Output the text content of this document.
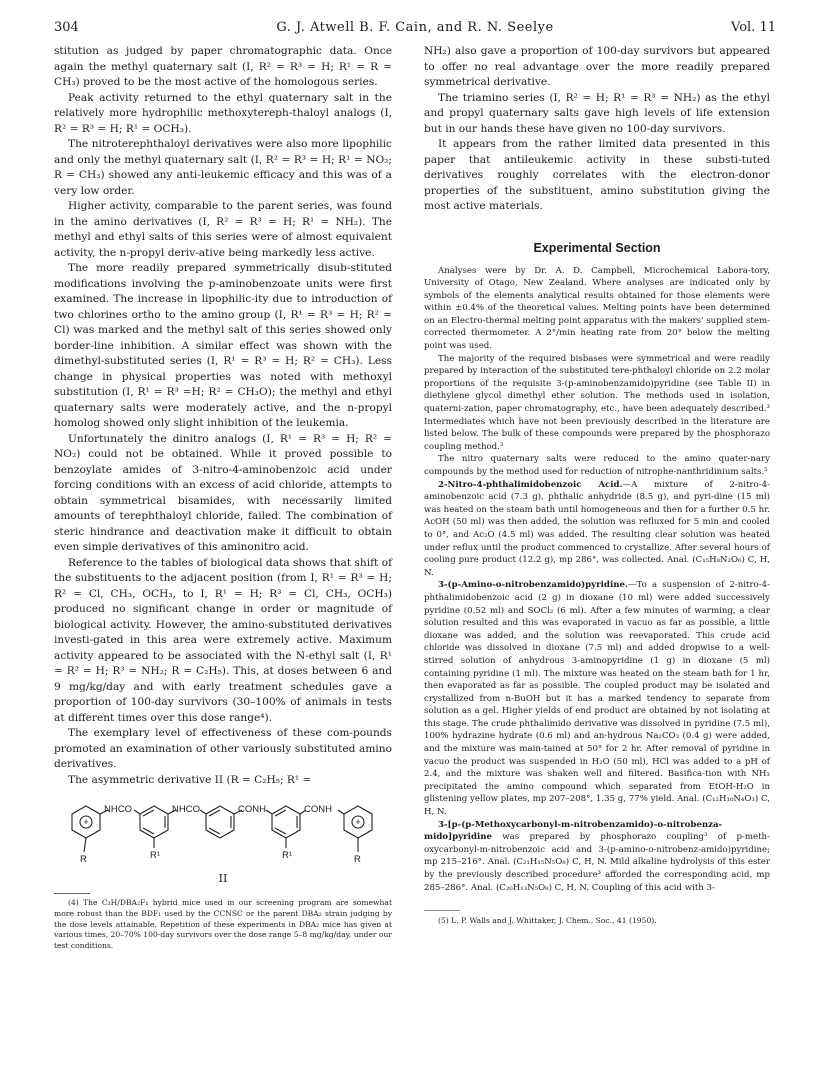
304	G. J. Atwell B. F. Cain, and R. N. Seelye	Vol. 11

stitution as judged by paper chromatographic data. Once again the methyl quaternary salt (I, R² = R³ = H; R¹ = R = CH₃) proved to be the most active of the homologous series.

Peak activity returned to the ethyl quaternary salt in the relatively more hydrophilic methoxytereph-thaloyl analogs (I, R² = R³ = H; R¹ = OCH₃).

The nitroterephthaloyl derivatives were also more lipophilic and only the methyl quaternary salt (I, R² = R³ = H; R¹ = NO₂; R = CH₃) showed any anti-leukemic efficacy and this was of a very low order.

Higher activity, comparable to the parent series, was found in the amino derivatives (I, R² = R³ = H; R¹ = NH₂). The methyl and ethyl salts of this series were of almost equivalent activity, the n-propyl deriv-ative being markedly less active.

The more readily prepared symmetrically disub-stituted modifications involving the p-aminobenzoate units were first examined. The increase in lipophilic-ity due to introduction of two chlorines ortho to the amino group (I, R¹ = R³ = H; R² = Cl) was marked and the methyl salt of this series showed only border-line inhibition. A similar effect was shown with the dimethyl-substituted series (I, R¹ = R³ = H; R² = CH₃). Less change in physical properties was noted with methoxyl substitution (I, R¹ = R³ =H; R² = CH₃O); the methyl and ethyl quaternary salts were moderately active, and the n-propyl homolog showed only slight inhibition of the leukemia.

Unfortunately the dinitro analogs (I, R¹ = R³ = H; R² = NO₂) could not be obtained. While it proved possible to benzoylate amides of 3-nitro-4-aminobenzoic acid under forcing conditions with an excess of acid chloride, attempts to obtain symmetrical bisamides, with necessarily limited amounts of terephthaloyl chloride, failed. The combination of steric hindrance and deactivation make it difficult to obtain even simple derivatives of this aminonitro acid.

Reference to the tables of biological data shows that shift of the substituents to the adjacent position (from I, R¹ = R³ = H; R² = Cl, CH₃, OCH₃, to I, R¹ = H; R³ = Cl, CH₃, OCH₃) produced no significant change in order or magnitude of biological activity. However, the amino-substituted derivatives investi-gated in this area were extremely active. Maximum activity appeared to be associated with the N-ethyl salt (I, R¹ = R² = H; R³ = NH₂; R = C₂H₅). This, at doses between 6 and 9 mg/kg/day and with early treatment schedules gave a proportion of 100-day survivors (30–100% of animals in tests at different times over this dose range⁴).

The exemplary level of effectiveness of these com-pounds promoted an examination of other variously substituted amino derivatives.

The asymmetric derivative II (R = C₂H₅; R¹ =

+	+
NHCO	NHCO	CONH	CONH
R	R¹	R¹	R
II

(4) The C₃H/DBA₂F₁ hybrid mice used in our screening program are somewhat more robust than the BDF₁ used by the CCNSC or the parent DBA₂ strain judging by the dose levels attainable. Repetition of these experiments in DBA₂ mice has given at various times, 20–70% 100-day survivors over the dose range 5–8 mg/kg/day, under our test conditions.

NH₂) also gave a proportion of 100-day survivors but appeared to offer no real advantage over the more readily prepared symmetrical derivative.

The triamino series (I, R² = H; R¹ = R³ = NH₂) as the ethyl and propyl quaternary salts gave high levels of life extension but in our hands these have given no 100-day survivors.

It appears from the rather limited data presented in this paper that antileukemic activity in these substi-tuted derivatives roughly correlates with the electron-donor properties of the substituent, amino substitution giving the most active materials.

Experimental Section

Analyses were by Dr. A. D. Campbell, Microchemical Labora-tory, University of Otago, New Zealand. Where analyses are indicated only by symbols of the elements analytical results obtained for those elements were within ±0.4% of the theoretical values. Melting points have been determined on an Electro-thermal melting point apparatus with the makers' supplied stem-corrected thermometer. A 2°/min heating rate from 20° below the melting point was used.

The majority of the required bisbases were symmetrical and were readily prepared by interaction of the substituted tere-phthaloyl chloride on 2.2 molar proportions of the requisite 3-(p-aminobenzamido)pyridine (see Table II) in diethylene glycol dimethyl ether solution. The methods used in isolation, quaterni-zation, paper chromatography, etc., have been adequately described.³ Intermediates which have not been previously described in the literature are listed below. The bulk of these compounds were prepared by the phosphorazo coupling method.³

The nitro quaternary salts were reduced to the amino quater-nary compounds by the method used for reduction of nitrophe-nanthridinium salts.⁵

2-Nitro-4-phthalimidobenzoic Acid.—A mixture of 2-nitro-4-aminobenzoic acid (7.3 g), phthalic anhydride (8.5 g), and pyri-dine (15 ml) was heated on the steam bath until homogeneous and then for a further 0.5 hr. AcOH (50 ml) was then added, the solution was refluxed for 5 min and cooled to 0°, and Ac₂O (4.5 ml) was added. The resulting clear solution was heated under reflux until the product commenced to crystallize. After several hours of cooling pure product (12.2 g), mp 286°, was collected. Anal. (C₁₅H₈N₂O₆) C, H, N.

3-(p-Amino-o-nitrobenzamido)pyridine.—To a suspension of 2-nitro-4-phthalimidobenzoic acid (2 g) in dioxane (10 ml) were added successively pyridine (0.52 ml) and SOCl₂ (6 ml). After a few minutes of warming, a clear solution resulted and this was evaporated in vacuo as far as possible, a little dioxane was added, and the solution was reevaporated. This crude acid chloride was dissolved in dioxane (7.5 ml) and added dropwise to a well-stirred solution of anhydrous 3-aminopyridine (1 g) in dioxane (5 ml) containing pyridine (1 ml). The mixture was heated on the steam bath for 1 hr, then evaporated as far as possible. The coupled product may be isolated and crystallized from n-BuOH but it has a marked tendency to separate from solution as a gel. Higher yields of end product are obtained by not isolating at this stage. The crude phthalimido derivative was dissolved in pyridine (7.5 ml), 100% hydrazine hydrate (0.6 ml) and an-hydrous Na₂CO₃ (0.4 g) were added, and the mixture was main-tained at 50° for 2 hr. After removal of pyridine in vacuo the product was suspended in H₂O (50 ml), HCl was added to a pH of 2.4, and the mixture was shaken well and filtered. Basifica-tion with NH₃ precipitated the amino compound which separated from EtOH-H₂O in glistening yellow plates, mp 207–208°, 1.35 g, 77% yield. Anal. (C₁₂H₁₀N₄O₃) C, H, N.

3-[p-(p-Methoxycarbonyl-m-nitrobenzamido)-o-nitrobenza-mido]pyridine was prepared by phosphorazo coupling³ of p-meth-oxycarbonyl-m-nitrobenzoic acid and 3-(p-amino-o-nitrobenz-amido)pyridine; mp 215–216°. Anal. (C₂₁H₁₅N₅O₈) C, H, N. Mild alkaline hydrolysis of this ester by the previously described procedure³ afforded the corresponding acid, mp 285–286°. Anal. (C₂₀H₁₃N₅O₈) C, H, N. Coupling of this acid with 3-

(5) L. P. Walls and J. Whittaker, J. Chem., Soc., 41 (1950).
